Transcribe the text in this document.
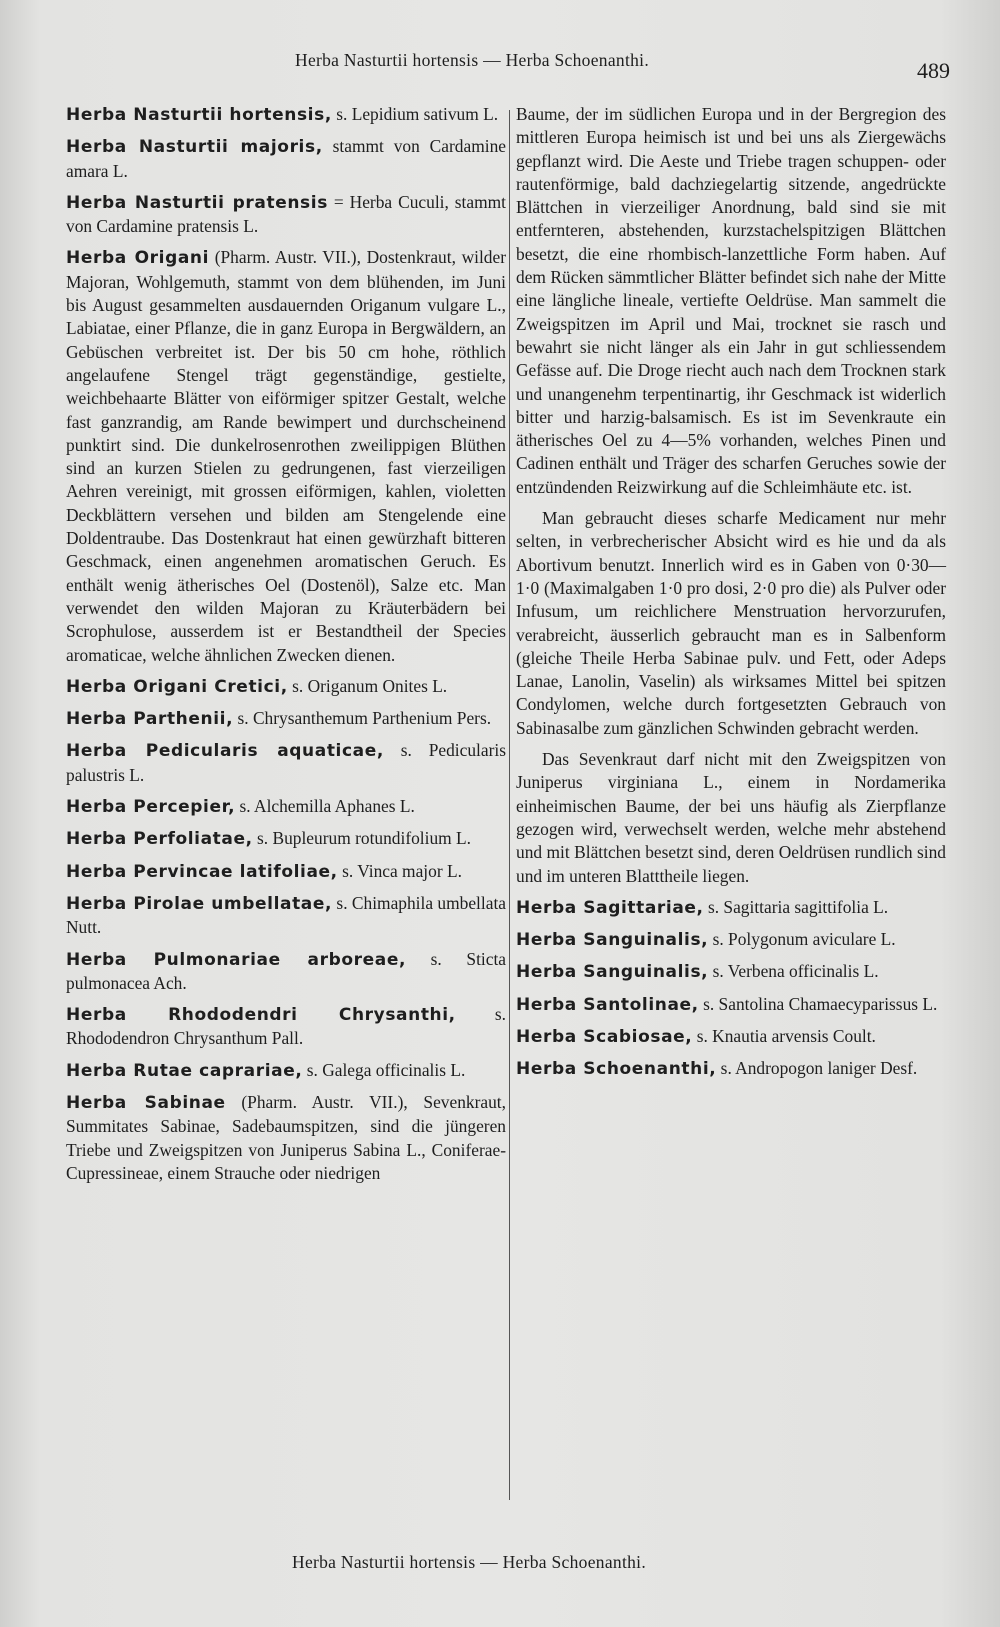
Herba Nasturtii hortensis — Herba Schoenanthi.	489

Herba Nasturtii hortensis, s. Lepidium sativum L.

Herba Nasturtii majoris, stammt von Cardamine amara L.

Herba Nasturtii pratensis = Herba Cuculi, stammt von Cardamine pratensis L.

Herba Origani (Pharm. Austr. VII.), Dostenkraut, wilder Majoran, Wohlgemuth, stammt von dem blühenden, im Juni bis August gesammelten ausdauernden Origanum vulgare L., Labiatae, einer Pflanze, die in ganz Europa in Bergwäldern, an Gebüschen verbreitet ist. Der bis 50 cm hohe, röthlich angelaufene Stengel trägt gegenständige, gestielte, weichbehaarte Blätter von eiförmiger spitzer Gestalt, welche fast ganzrandig, am Rande bewimpert und durchscheinend punktirt sind. Die dunkelrosenrothen zweilippigen Blüthen sind an kurzen Stielen zu gedrungenen, fast vierzeiligen Aehren vereinigt, mit grossen eiförmigen, kahlen, violetten Deckblättern versehen und bilden am Stengelende eine Doldentraube. Das Dostenkraut hat einen gewürzhaft bitteren Geschmack, einen angenehmen aromatischen Geruch. Es enthält wenig ätherisches Oel (Dostenöl), Salze etc. Man verwendet den wilden Majoran zu Kräuterbädern bei Scrophulose, ausserdem ist er Bestandtheil der Species aromaticae, welche ähnlichen Zwecken dienen.

Herba Origani Cretici, s. Origanum Onites L.

Herba Parthenii, s. Chrysanthemum Parthenium Pers.

Herba Pedicularis aquaticae, s. Pedicularis palustris L.

Herba Percepier, s. Alchemilla Aphanes L.

Herba Perfoliatae, s. Bupleurum rotundifolium L.

Herba Pervincae latifoliae, s. Vinca major L.

Herba Pirolae umbellatae, s. Chimaphila umbellata Nutt.

Herba Pulmonariae arboreae, s. Sticta pulmonacea Ach.

Herba Rhododendri Chrysanthi, s. Rhododendron Chrysanthum Pall.

Herba Rutae caprariae, s. Galega officinalis L.

Herba Sabinae (Pharm. Austr. VII.), Sevenkraut, Summitates Sabinae, Sadebaumspitzen, sind die jüngeren Triebe und Zweigspitzen von Juniperus Sabina L., Coniferae-Cupressineae, einem Strauche oder niedrigen

Baume, der im südlichen Europa und in der Bergregion des mittleren Europa heimisch ist und bei uns als Ziergewächs gepflanzt wird. Die Aeste und Triebe tragen schuppen- oder rautenförmige, bald dachziegelartig sitzende, angedrückte Blättchen in vierzeiliger Anordnung, bald sind sie mit entfernteren, abstehenden, kurzstachelspitzigen Blättchen besetzt, die eine rhombisch-lanzettliche Form haben. Auf dem Rücken sämmtlicher Blätter befindet sich nahe der Mitte eine längliche lineale, vertiefte Oeldrüse. Man sammelt die Zweigspitzen im April und Mai, trocknet sie rasch und bewahrt sie nicht länger als ein Jahr in gut schliessendem Gefässe auf. Die Droge riecht auch nach dem Trocknen stark und unangenehm terpentinartig, ihr Geschmack ist widerlich bitter und harzig-balsamisch. Es ist im Sevenkraute ein ätherisches Oel zu 4—5% vorhanden, welches Pinen und Cadinen enthält und Träger des scharfen Geruches sowie der entzündenden Reizwirkung auf die Schleimhäute etc. ist.

Man gebraucht dieses scharfe Medicament nur mehr selten, in verbrecherischer Absicht wird es hie und da als Abortivum benutzt. Innerlich wird es in Gaben von 0·30—1·0 (Maximalgaben 1·0 pro dosi, 2·0 pro die) als Pulver oder Infusum, um reichlichere Menstruation hervorzurufen, verabreicht, äusserlich gebraucht man es in Salbenform (gleiche Theile Herba Sabinae pulv. und Fett, oder Adeps Lanae, Lanolin, Vaselin) als wirksames Mittel bei spitzen Condylomen, welche durch fortgesetzten Gebrauch von Sabinasalbe zum gänzlichen Schwinden gebracht werden.

Das Sevenkraut darf nicht mit den Zweigspitzen von Juniperus virginiana L., einem in Nordamerika einheimischen Baume, der bei uns häufig als Zierpflanze gezogen wird, verwechselt werden, welche mehr abstehend und mit Blättchen besetzt sind, deren Oeldrüsen rundlich sind und im unteren Blatttheile liegen.

Herba Sagittariae, s. Sagittaria sagittifolia L.

Herba Sanguinalis, s. Polygonum aviculare L.

Herba Sanguinalis, s. Verbena officinalis L.

Herba Santolinae, s. Santolina Chamaecyparissus L.

Herba Scabiosae, s. Knautia arvensis Coult.

Herba Schoenanthi, s. Andropogon laniger Desf.

Herba Nasturtii hortensis — Herba Schoenanthi.
